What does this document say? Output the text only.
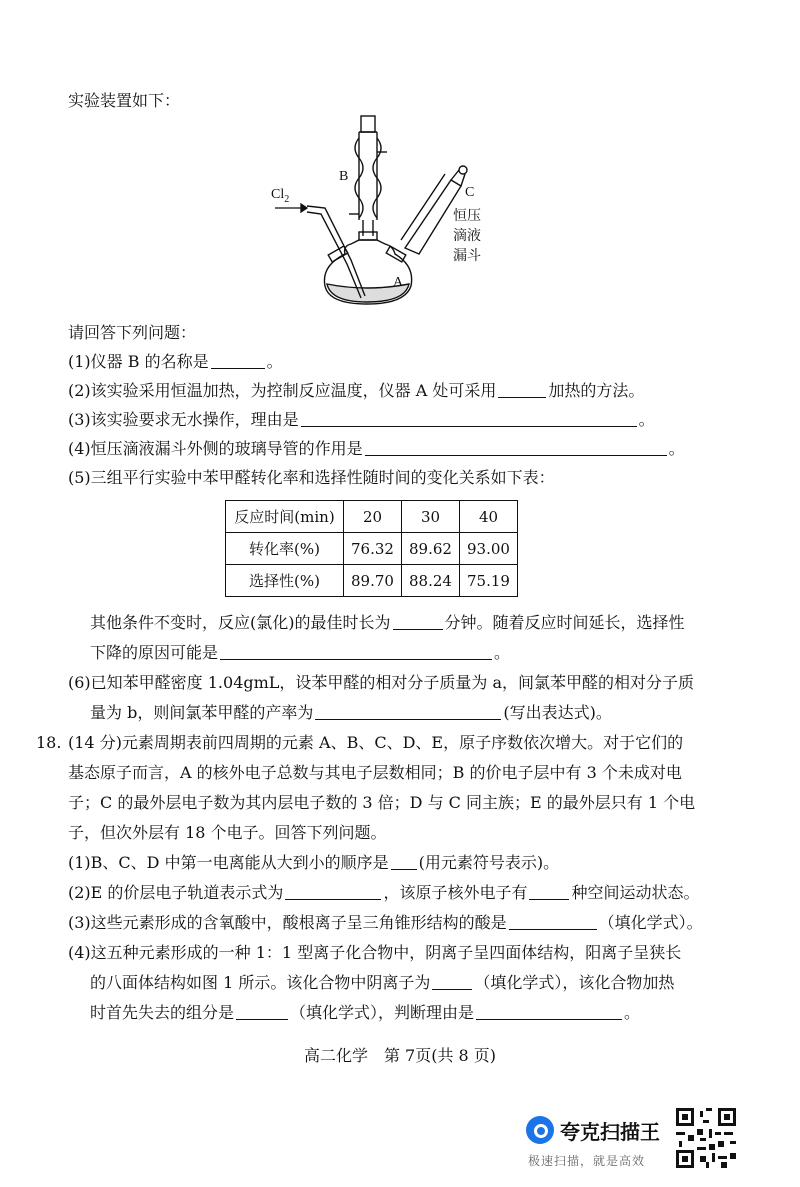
实验装置如下：
B
C
A
$Cl_2$
恒压
滴液
漏斗
请回答下列问题：
(1)仪器 B 的名称是	。
(2)该实验采用恒温加热，为控制反应温度，仪器 A 处可采用	加热的方法。
(3)该实验要求无水操作，理由是	。
(4)恒压滴液漏斗外侧的玻璃导管的作用是	。
(5)三组平行实验中苯甲醛转化率和选择性随时间的变化关系如下表：
反应时间(min)	20	30	40
转化率(%)	76.32	89.62	93.00
选择性(%)	89.70	88.24	75.19
其他条件不变时，反应(氯化)的最佳时长为	分钟。随着反应时间延长，选择性
下降的原因可能是	。
(6)已知苯甲醛密度 1.04gmL，设苯甲醛的相对分子质量为 a，间氯苯甲醛的相对分子质
量为 b，则间氯苯甲醛的产率为	(写出表达式)。
18. (14 分)元素周期表前四周期的元素 A、B、C、D、E，原子序数依次增大。对于它们的
基态原子而言，A 的核外电子总数与其电子层数相同；B 的价电子层中有 3 个未成对电
子；C 的最外层电子数为其内层电子数的 3 倍；D 与 C 同主族；E 的最外层只有 1 个电
子，但次外层有 18 个电子。回答下列问题。
(1)B、C、D 中第一电离能从大到小的顺序是 (用元素符号表示)。
(2)E 的价层电子轨道表示式为	，该原子核外电子有	种空间运动状态。
(3)这些元素形成的含氧酸中，酸根离子呈三角锥形结构的酸是	（填化学式）。
(4)这五种元素形成的一种 1：1 型离子化合物中，阴离子呈四面体结构，阳离子呈狭长
的八面体结构如图 1 所示。该化合物中阴离子为	（填化学式），该化合物加热
时首先失去的组分是	（填化学式），判断理由是	。
高二化学　第 7页(共 8 页)
夸克扫描王
极速扫描，就是高效
